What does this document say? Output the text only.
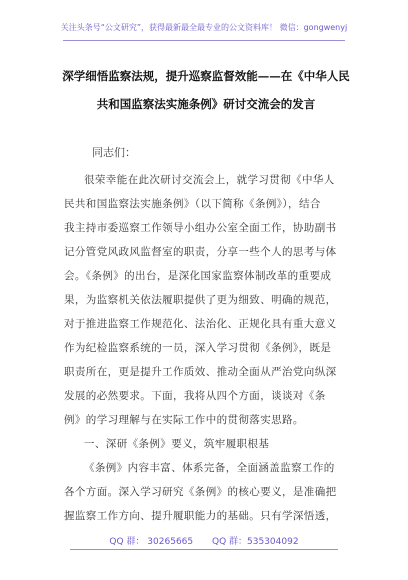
关注头条号“公文研究”，获得最新最全最专业的公文资料库！ 微信：gongwenyj
深学细悟监察法规，提升巡察监督效能——在《中华人民
共和国监察法实施条例》研讨交流会的发言
同志们：
很荣幸能在此次研讨交流会上，就学习贯彻《中华人
民共和国监察法实施条例》（以下简称《条例》），结合
我主持市委巡察工作领导小组办公室全面工作，协助副书
记分管党风政风监督室的职责，分享一些个人的思考与体
会。《条例》的出台，是深化国家监察体制改革的重要成
果，为监察机关依法履职提供了更为细致、明确的规范，
对于推进监察工作规范化、法治化、正规化具有重大意义
作为纪检监察系统的一员，深入学习贯彻《条例》，既是
职责所在，更是提升工作质效、推动全面从严治党向纵深
发展的必然要求。下面，我将从四个方面，谈谈对《条
例》的学习理解与在实际工作中的贯彻落实思路。
一、深研《条例》要义，筑牢履职根基
《条例》内容丰富、体系完备，全面涵盖监察工作的
各个方面。深入学习研究《条例》的核心要义，是准确把
握监察工作方向、提升履职能力的基础。只有学深悟透，
QQ 群： 30265665 QQ 群：535304092
